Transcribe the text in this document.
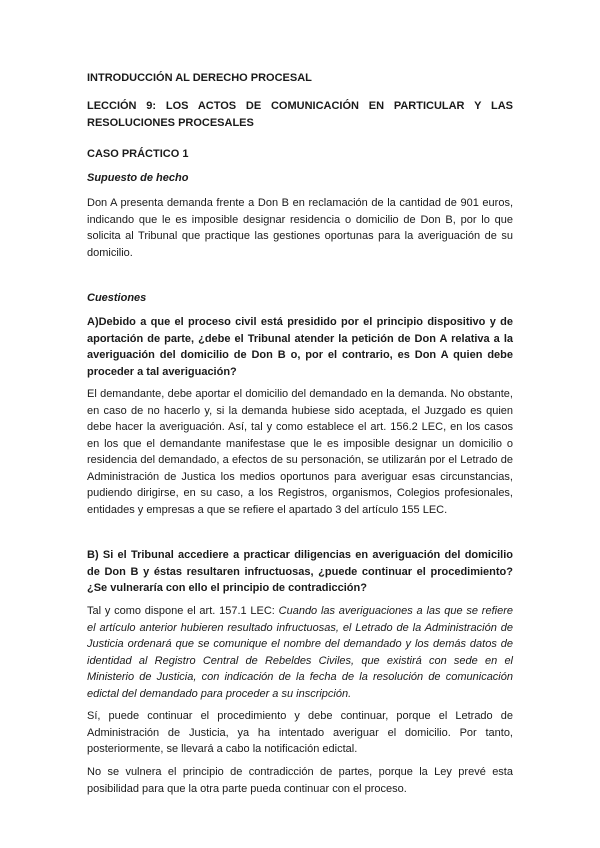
INTRODUCCIÓN AL DERECHO PROCESAL

LECCIÓN 9: LOS ACTOS DE COMUNICACIÓN EN PARTICULAR Y LAS RESOLUCIONES PROCESALES

CASO PRÁCTICO 1

Supuesto de hecho

Don A presenta demanda frente a Don B en reclamación de la cantidad de 901 euros, indicando que le es imposible designar residencia o domicilio de Don B, por lo que solicita al Tribunal que practique las gestiones oportunas para la averiguación de su domicilio.

Cuestiones

A)Debido a que el proceso civil está presidido por el principio dispositivo y de aportación de parte, ¿debe el Tribunal atender la petición de Don A relativa a la averiguación del domicilio de Don B o, por el contrario, es Don A quien debe proceder a tal averiguación?

El demandante, debe aportar el domicilio del demandado en la demanda. No obstante, en caso de no hacerlo y, si la demanda hubiese sido aceptada, el Juzgado es quien debe hacer la averiguación. Así, tal y como establece el art. 156.2 LEC, en los casos en los que el demandante manifestase que le es imposible designar un domicilio o residencia del demandado, a efectos de su personación, se utilizarán por el Letrado de Administración de Justica los medios oportunos para averiguar esas circunstancias, pudiendo dirigirse, en su caso, a los Registros, organismos, Colegios profesionales, entidades y empresas a que se refiere el apartado 3 del artículo 155 LEC.

B) Si el Tribunal accediere a practicar diligencias en averiguación del domicilio de Don B y éstas resultaren infructuosas, ¿puede continuar el procedimiento? ¿Se vulneraría con ello el principio de contradicción?

Tal y como dispone el art. 157.1 LEC: Cuando las averiguaciones a las que se refiere el artículo anterior hubieren resultado infructuosas, el Letrado de la Administración de Justicia ordenará que se comunique el nombre del demandado y los demás datos de identidad al Registro Central de Rebeldes Civiles, que existirá con sede en el Ministerio de Justicia, con indicación de la fecha de la resolución de comunicación edictal del demandado para proceder a su inscripción.

Sí, puede continuar el procedimiento y debe continuar, porque el Letrado de Administración de Justicia, ya ha intentado averiguar el domicilio. Por tanto, posteriormente, se llevará a cabo la notificación edictal.

No se vulnera el principio de contradicción de partes, porque la Ley prevé esta posibilidad para que la otra parte pueda continuar con el proceso.
